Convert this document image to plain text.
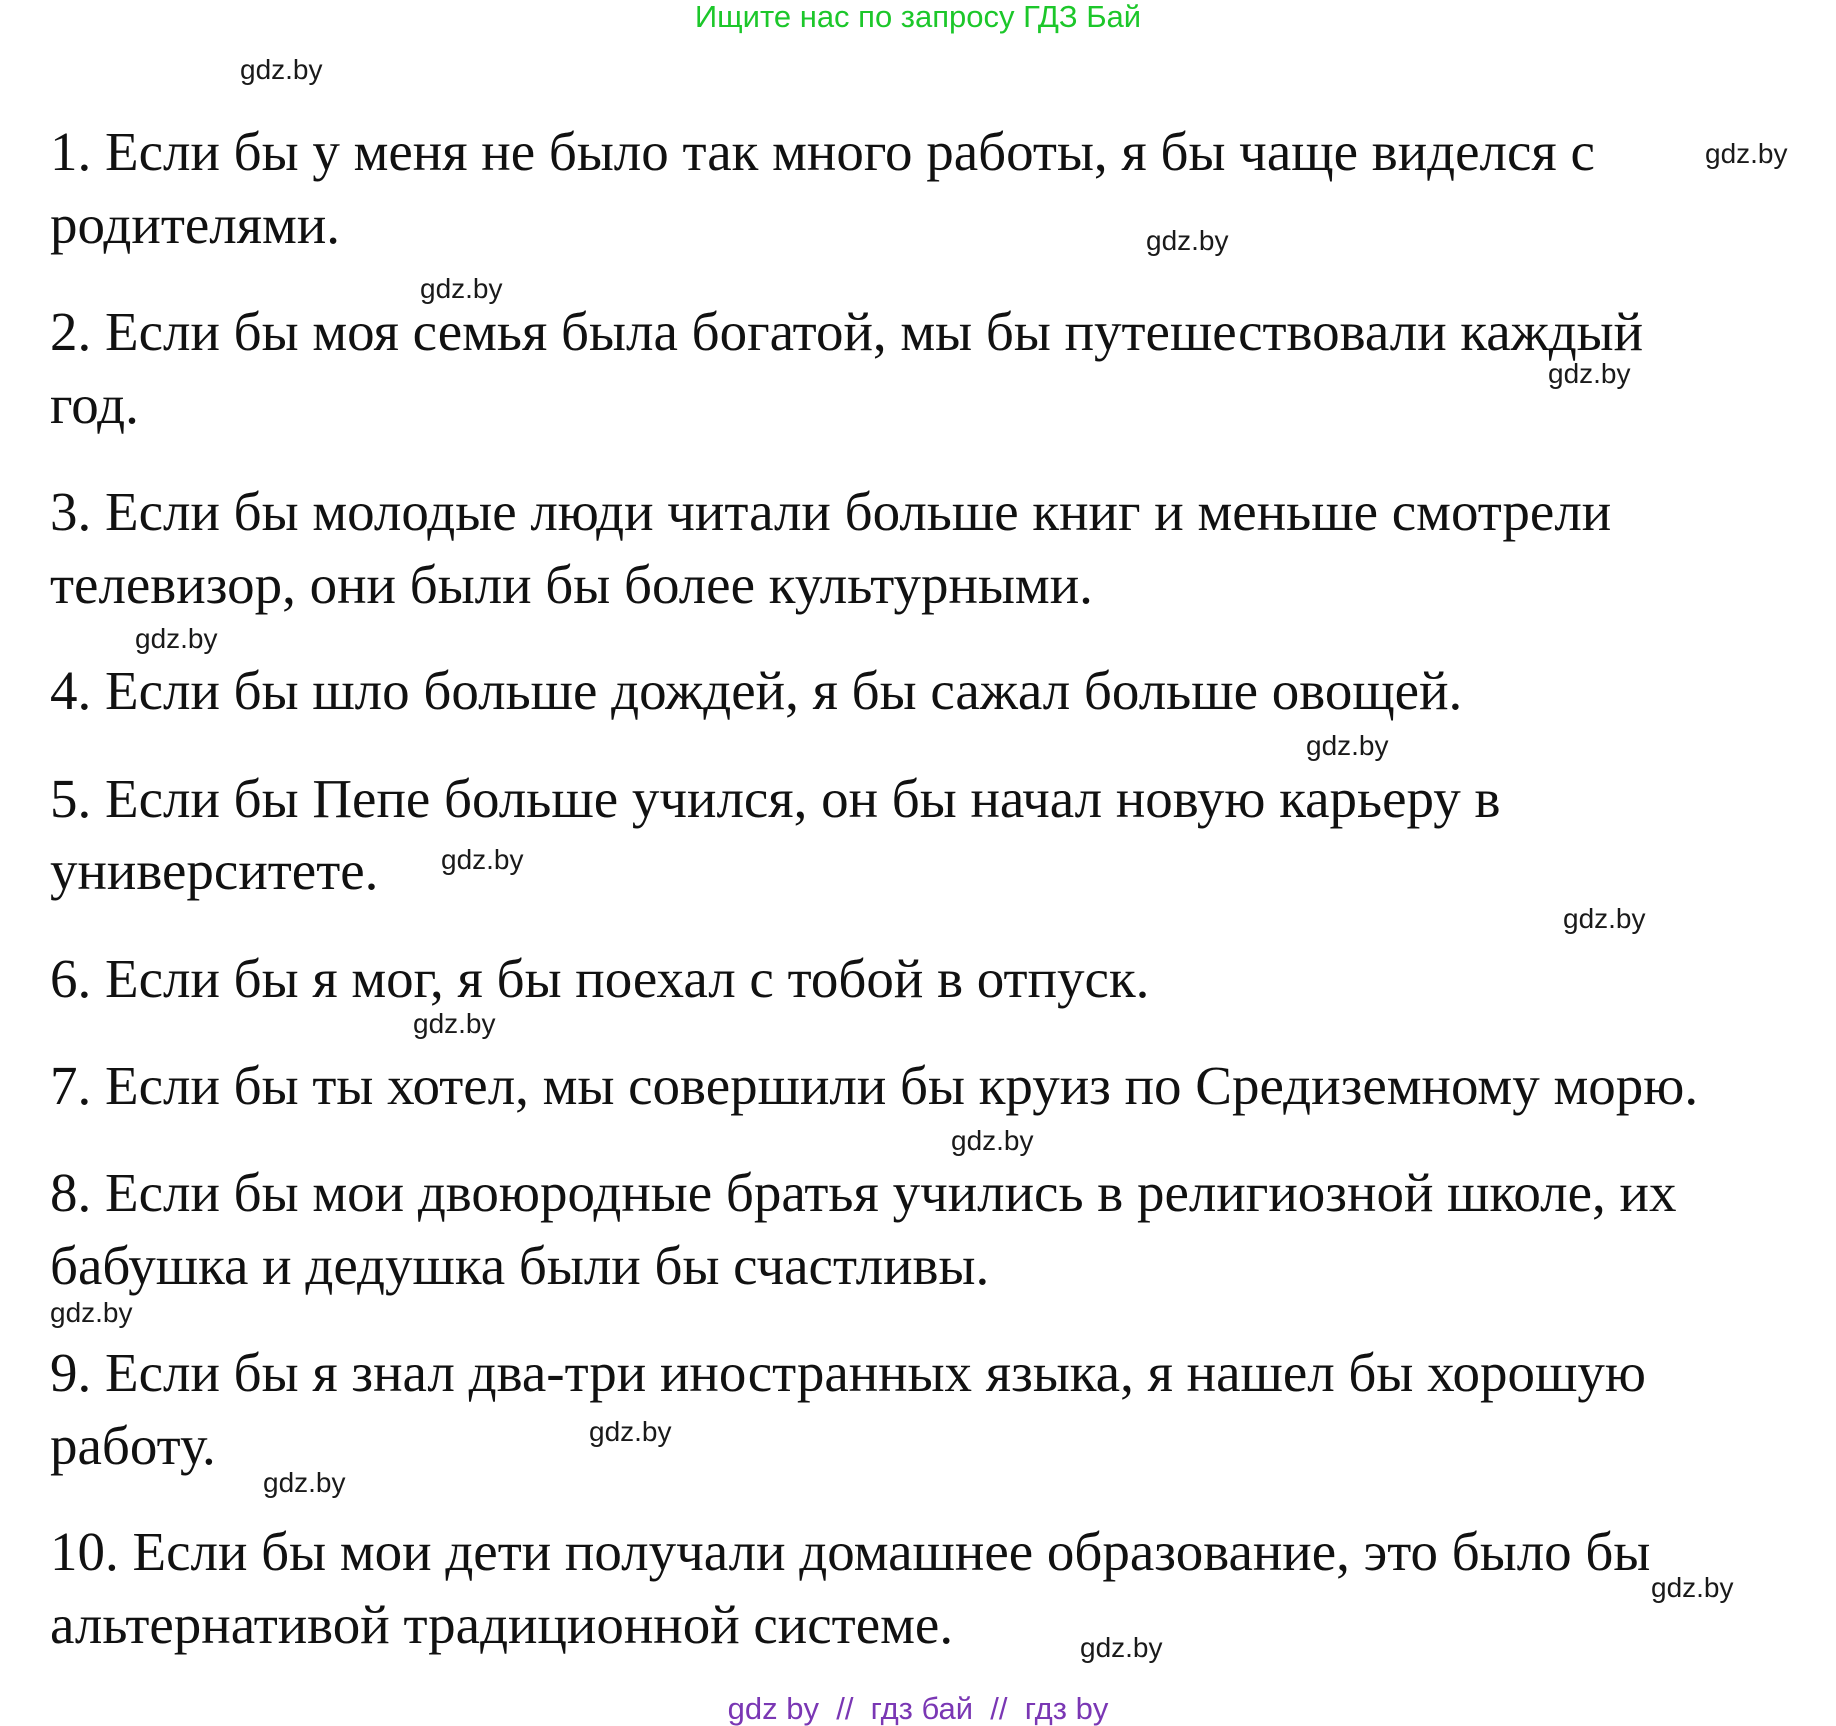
Ищите нас по запросу ГДЗ Бай

1. Если бы у меня не было так много работы, я бы чаще виделся с

родителями.

2. Если бы моя семья была богатой, мы бы путешествовали каждый

год.

3. Если бы молодые люди читали больше книг и меньше смотрели

телевизор, они были бы более культурными.

4. Если бы шло больше дождей, я бы сажал больше овощей.

5. Если бы Пепе больше учился, он бы начал новую карьеру в

университете.

6. Если бы я мог, я бы поехал с тобой в отпуск.

7. Если бы ты хотел, мы совершили бы круиз по Средиземному морю.

8. Если бы мои двоюродные братья учились в религиозной школе, их

бабушка и дедушка были бы счастливы.

9. Если бы я знал два-три иностранных языка, я нашел бы хорошую

работу.

10. Если бы мои дети получали домашнее образование, это было бы

альтернативой традиционной системе.

gdz.by
gdz.by
gdz.by
gdz.by
gdz.by
gdz.by
gdz.by
gdz.by
gdz.by
gdz.by
gdz.by
gdz.by
gdz.by
gdz.by
gdz.by
gdz.by
gdz by  //  гдз бай  //  гдз by
